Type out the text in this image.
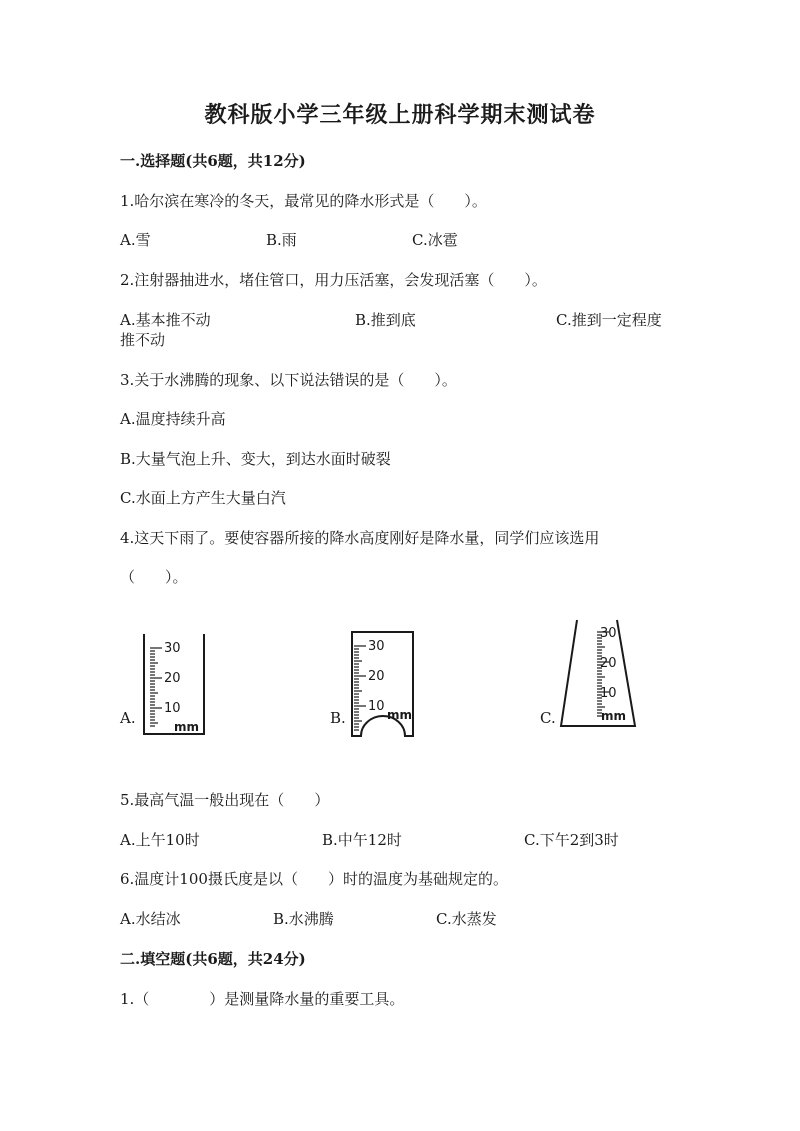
教科版小学三年级上册科学期末测试卷
一.选择题(共6题，共12分)
1.哈尔滨在寒冷的冬天，最常见的降水形式是（　　）。
A.雪	B.雨	C.冰雹
2.注射器抽进水，堵住管口，用力压活塞，会发现活塞（　　）。
A.基本推不动	B.推到底	C.推到一定程度
推不动
3.关于水沸腾的现象、以下说法错误的是（　　）。
A.温度持续升高
B.大量气泡上升、变大，到达水面时破裂
C.水面上方产生大量白汽
4.这天下雨了。要使容器所接的降水高度刚好是降水量，同学们应该选用
（　　）。
A.
30
20
10
mm	B.
30
20
10
mm	C.
30
20
10
mm
5.最高气温一般出现在（　　）
A.上午10时	B.中午12时	C.下午2到3时
6.温度计100摄氏度是以（　　）时的温度为基础规定的。
A.水结冰	B.水沸腾	C.水蒸发
二.填空题(共6题，共24分)
1.（　　　　）是测量降水量的重要工具。
